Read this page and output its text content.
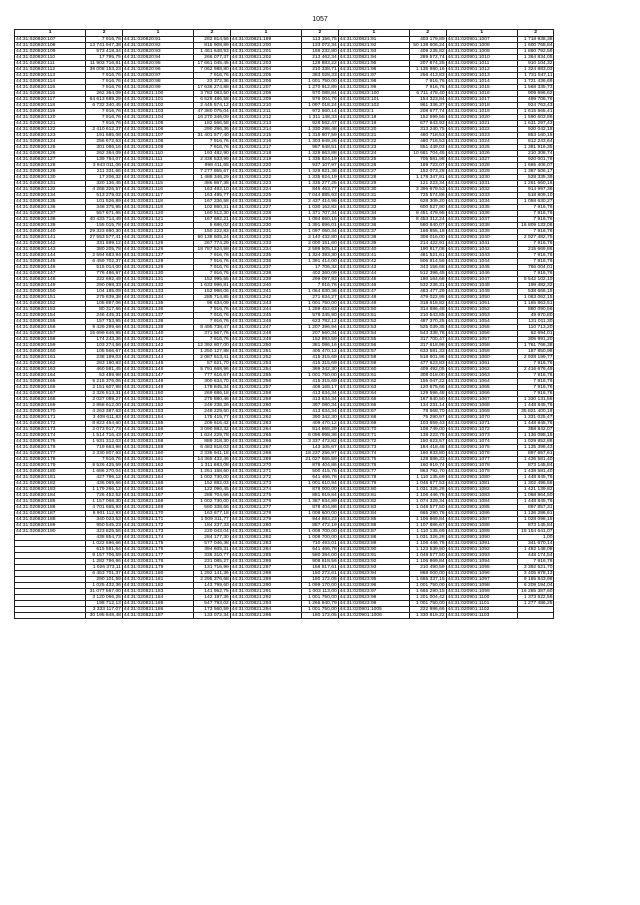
1057
1	2	1	2	1	2	1	2	1	2
44:31:020820:107	7 916,76	44:31:020820:91	282 814,56	44:31:020821:199	113 156,75	44:31:020821:91	403 179,89	44:31:020901:1007	1 718 938,38
44:31:020820:108	13 741 947,38	44:31:020820:92	815 908,89	44:31:020821:200	133 072,34	44:31:020821:92	50 138 606,24	44:31:020901:1008	1 600 768,84
44:31:020820:109	573 418,34	44:31:020820:93	1 461 648,93	44:31:020821:201	169 232,80	44:31:020821:93	409 235,82	44:31:020901:1009	1 860 792,59
44:31:020820:110	17 795,75	44:31:020820:94	266 077,37	44:31:020821:202	213 462,34	44:31:020821:94	289 572,74	44:31:020901:1010	1 364 834,05
44:31:020820:111	11 903 716,81	44:31:020820:95	17 661 045,45	44:31:020821:203	128 883,22	44:31:020821:95	207 874,25	44:31:020901:1011	910 104,32
44:31:020820:112	38 008 153,23	44:31:020820:96	7 062 988,80	44:31:020821:204	210 338,71	44:31:020821:96	1 135 980,16	44:31:020901:1012	1 324 883,03
44:31:020820:113	7 916,76	44:31:020820:97	7 916,76	44:31:020821:205	383 028,33	44:31:020821:97	256 413,83	44:31:020901:1013	1 731 547,11
44:31:020820:114	7 916,76	44:31:020820:98	23 372,36	44:31:020821:206	1 001 750,00	44:31:020821:98	7 916,76	44:31:020901:1014	1 721 436,69
44:31:020820:115	7 916,76	44:31:020820:99	17 636 274,88	44:31:020821:207	1 270 912,89	44:31:020821:99	7 916,76	44:31:020901:1015	1 568 335,73
44:31:020820:116	262 364,09	44:31:020821:100	3 783 083,50	44:31:020821:208	970 088,84	44:31:020823:100	6 711 478,40	44:31:020901:1016	909 696,62
44:31:020820:117	64 613 689,29	44:31:020821:101	6 529 486,58	44:31:020821:209	976 004,76	44:31:020823:101	154 323,84	44:31:020901:1017	499 706,76
44:31:020820:118	6 732 340,45	44:31:020821:102	2 445 574,12	44:31:020821:210	1 097 018,24	44:31:020823:102	961 336,37	44:31:020901:1018	924 763,43
44:31:020820:119	7 916,76	44:31:020821:103	47 380 075,04	44:31:020821:211	972 560,14	44:31:020823:1	208 677,74	44:31:020901:1019	1 615 565,41
44:31:020820:120	7 916,76	44:31:020821:104	16 270 346,09	44:31:020821:212	1 311 148,33	44:31:020823:18	152 599,55	44:31:020901:1020	1 590 603,86
44:31:020820:121	7 916,76	44:31:020821:105	182 566,58	44:31:020821:213	928 562,47	44:31:020823:19	677 843,93	44:31:020901:1021	1 631 297,43
44:31:020820:122	2 410 612,37	44:31:020821:106	290 296,36	44:31:020821:214	1 330 298,48	44:31:020823:20	313 240,75	44:31:020901:1022	920 042,18
44:31:020820:123	191 685,08	44:31:020821:107	31 401 577,40	44:31:020821:215	1 316 807,59	44:31:020823:21	480 718,53	44:31:020901:1023	853 160,15
44:31:020820:124	256 672,53	44:31:020821:108	7 916,76	44:31:020821:216	1 303 849,26	44:31:020823:22	480 716,53	44:31:020901:1024	812 243,64
44:31:020820:125	301 086,16	44:31:020821:109	7 916,76	44:31:020821:217	987 948,51	44:31:020823:23	551 449,03	44:31:020901:1025	1 381 916,35
44:31:020820:126	262 364,09	44:31:020821:110	193 482,90	44:31:020821:218	1 329 863,88	44:31:020823:24	10 681 704,45	44:31:020901:1026	210 308,74
44:31:020820:127	139 784,07	44:31:020821:111	2 336 533,99	44:31:020821:219	1 335 824,19	44:31:020823:25	705 581,98	44:31:020901:1027	920 001,76
44:31:020820:128	3 943 011,06	44:31:020821:112	898 411,65	44:31:020821:220	937 107,97	44:31:020823:26	189 723,07	44:31:020901:1028	1 665 406,07
44:31:020820:129	211 331,66	44:31:020821:113	7 277 955,67	44:31:020821:221	1 329 821,36	44:31:020823:27	152 073,28	44:31:020901:1029	1 387 506,17
44:31:020820:130	17 206,32	44:31:020821:114	1 488 346,29	44:31:020821:222	1 335 824,19	44:31:020823:28	1 178 347,91	44:31:020901:1030	528 335,39
44:31:020820:131	320 136,45	44:31:020821:115	386 867,38	44:31:020821:223	1 335 277,25	44:31:020823:29	121 223,34	44:31:020901:1031	1 261 660,16
44:31:020820:132	4 268 326,57	44:31:020821:116	163 492,10	44:31:020821:224	846 463,77	44:31:020823:30	3 396 679,53	44:31:020901:1032	914 997,36
44:31:020820:134	513 279,02	44:31:020821:117	163 495,77	44:31:020821:225	7 044 885,93	44:31:020823:31	725 574,86	44:31:020901:1033	518 809,10
44:31:020820:135	101 526,89	44:31:020821:118	167 336,58	44:31:020821:226	2 437 414,96	44:31:020823:32	628 309,20	44:31:020901:1034	1 058 630,27
44:31:020820:136	348 375,95	44:31:020821:119	102 860,31	44:31:020821:227	1 030 162,82	44:31:020823:33	600 527,90	44:31:020901:1035	7 916,76
44:31:020820:137	557 671,65	44:31:020821:120	160 512,30	44:31:020821:228	1 371 707,34	44:31:020823:34	8 451 478,95	44:31:020901:1036	7 916,76
44:31:020820:138	40 433 714,49	44:31:020821:121	167 682,21	44:31:020821:229	1 094 660,15	44:31:020823:35	8 453 312,24	44:31:020901:1037	7 916,76
44:31:020820:139	155 015,78	44:31:020821:122	5 686,02	44:31:020821:230	1 391 896,01	44:31:020823:36	580 840,07	44:31:020901:1038	16 809 133,06
44:31:020820:140	29 323 890,30	44:31:020821:123	150 222,83	44:31:020821:231	1 097 050,34	44:31:020823:37	166 855,18	44:31:020901:1039	7 916,76
44:31:020820:141	27 553 577,41	44:31:020821:124	50 138 605,24	44:31:020821:232	2 140 432,80	44:31:020823:38	308 016,00	44:31:020901:1040	2 927 482,75
44:31:020820:142	331 699,12	44:31:020821:125	267 774,29	44:31:020821:233	2 000 151,60	44:31:020823:39	214 422,91	44:31:020901:1041	7 916,76
44:31:020820:143	380 205,78	44:31:020821:126	18 787 524,58	44:31:020821:234	2 589 505,12	44:31:020823:40	190 817,08	44:31:020901:1042	215 669,86
44:31:020820:144	2 594 683,94	44:31:020821:127	7 916,76	44:31:020821:235	1 324 393,30	44:31:020823:41	481 521,61	44:31:020901:1043	7 916,76
44:31:020820:145	6 459 702,37	44:31:020821:128	7 916,76	44:31:020821:236	1 391 414,00	44:31:020823:42	506 814,56	44:31:020901:1044	7 916,76
44:31:020820:146	515 014,00	44:31:020821:129	7 916,76	44:31:020821:237	17 706,32	44:31:020823:43	343 156,68	44:31:020901:1045	766 004,01
44:31:020820:147	776 486,97	44:31:020821:130	7 916,76	44:31:020821:238	402 360,09	44:31:020823:44	512 396,45	44:31:020901:1046	7 916,76
44:31:020820:148	222 692,49	44:31:020821:131	152 995,55	44:31:020821:239	299 097,93	44:31:020823:45	180 164,68	44:31:020901:1047	5 542 102,10
44:31:020820:149	290 098,33	44:31:020821:132	1 633 996,81	44:31:020821:240	7 916,76	44:31:020823:46	532 236,31	44:31:020901:1048	199 482,32
44:31:020820:150	104 185,09	44:31:020821:133	152 998,06	44:31:020821:241	1 064 830,36	44:31:020823:47	483 477,29	44:31:020901:1049	538 666,15
44:31:020820:151	275 839,38	44:31:020821:134	285 714,85	44:31:020821:242	271 634,27	44:31:020823:48	479 022,95	44:31:020901:1050	1 063 062,15
44:31:020820:152	105 897,06	44:31:020821:135	98 634,09	44:31:020821:243	1 001 750,00	44:31:020823:49	318 618,82	44:31:020901:1051	1 165 863,51
44:31:020820:153	80 317,66	44:31:020821:136	7 916,76	44:31:020821:244	1 259 452,63	44:31:020823:50	314 686,48	44:31:020901:1052	880 090,56
44:31:020820:154	246 445,31	44:31:020821:137	7 916,76	44:31:020821:245	578 345,90	44:31:020823:51	210 543,85	44:31:020901:1053	49 970,80
44:31:020820:155	157 753,95	44:31:020821:138	7 916,76	44:31:020821:246	623 782,12	44:31:020823:52	487 370,25	44:31:020901:1054	131 011,30
44:31:020820:156	9 429 299,66	44:31:020821:139	8 495 738,47	44:31:020821:247	1 207 396,94	44:31:020823:53	525 039,35	44:31:020901:1055	110 713,20
44:31:020820:157	15 699 646,95	44:31:020821:140	371 567,76	44:31:020821:248	207 560,34	44:31:020823:54	543 338,78	44:31:020901:1056	62 694,01
44:31:020820:158	174 243,36	44:31:020821:141	7 916,76	44:31:020821:249	152 893,59	44:31:020823:55	317 700,47	44:31:020901:1057	305 991,20
44:31:020820:159	103 274,56	44:31:020821:142	12 392 807,00	44:31:020821:250	381 086,16	44:31:020823:56	317 618,98	44:31:020901:1058	1 761 766,38
44:31:020820:160	105 566,67	44:31:020821:143	1 250 127,88	44:31:020821:251	405 470,12	44:31:020823:57	633 581,33	44:31:020901:1059	187 850,98
44:31:020820:161	238 199,03	44:31:020821:144	2 087 613,41	44:31:020821:252	415 315,69	44:31:020823:58	518 601,96	44:31:020901:1060	2 928 199,77
44:31:020820:162	283 190,83	44:31:020821:145	57 621,70	44:31:020821:253	415 315,69	44:31:020823:59	477 623,83	44:31:020901:1061	7 916,76
44:31:020820:163	460 581,45	44:31:020821:146	5 791 668,96	44:31:020821:254	369 342,30	44:31:020823:60	409 492,05	44:31:020901:1062	2 416 676,49
44:31:020820:164	53 489,98	44:31:020821:147	777 616,67	44:31:020821:255	1 001 750,00	44:31:020823:61	308 018,00	44:31:020901:1063	7 916,76
44:31:020820:165	5 215 376,06	44:31:020821:148	300 634,70	44:31:020821:256	415 315,69	44:31:020823:62	155 047,22	44:31:020901:1064	7 916,76
44:31:020820:166	2 151 607,98	44:31:020821:149	178 845,34	44:31:020821:257	408 168,17	44:31:020823:63	120 675,66	44:31:020901:1065	7 916,76
44:31:020820:167	2 326 513,31	44:31:020821:150	269 686,18	44:31:020821:258	413 634,34	44:31:020823:64	129 596,48	44:31:020901:1066	7 916,76
44:31:020820:168	2 027 089,27	44:31:020821:151	275 880,46	44:31:020821:259	413 634,34	44:31:020823:65	167 840,50	44:31:020901:1067	1 330 131,56
44:31:020820:169	2 858 612,00	44:31:020821:152	249 238,26	44:31:020821:260	397 080,34	44:31:020823:66	134 231,14	44:31:020901:1068	1 448 845,76
44:31:020820:170	4 263 387,63	44:31:020821:153	248 229,60	44:31:020821:261	413 634,34	44:31:020823:67	78 668,70	44:31:020901:1069	35 821 400,18
44:31:020820:171	3 408 611,83	44:31:020821:154	175 415,77	44:31:020821:262	390 342,30	44:31:020823:68	75 290,97	44:31:020901:1070	1 331 025,47
44:31:020820:172	8 823 464,60	44:31:020821:155	209 616,42	44:31:020821:263	409 470,12	44:31:020823:69	103 659,43	44:31:020901:1071	1 448 845,76
44:31:020820:173	2 073 917,73	44:31:020821:156	3 090 882,32	44:31:020821:264	814 868,29	44:31:020823:70	108 749,00	44:31:020901:1072	358 842,07
44:31:020820:174	1 514 716,43	44:31:020821:157	1 624 229,78	44:31:020821:265	6 096 998,36	44:31:020823:71	138 223,79	44:31:020901:1073	1 136 098,15
44:31:020820:175	1 931 312,03	44:31:020821:158	889 318,30	44:31:020821:266	3 337 472,82	44:31:020823:72	150 623,57	44:31:020901:1074	1 029 852,86
44:31:020820:176	719 663,98	44:31:020821:159	6 483 818,03	44:31:020821:267	143 105,67	44:31:020823:73	184 418,48	44:31:020901:1075	1 135 398,43
44:31:020820:177	2 330 807,63	44:31:020821:160	2 335 941,18	44:31:020821:268	18 237 256,97	44:31:020823:74	160 833,80	44:31:020901:1076	897 657,61
44:31:020820:178	7 916,76	44:31:020821:161	14 365 432,46	44:31:020821:269	21 027 666,59	44:31:020823:75	128 686,33	44:31:020901:1077	1 436 581,40
44:31:020820:179	8 526 425,59	44:31:020821:162	1 311 683,08	44:31:020821:270	878 404,86	44:31:020823:76	160 919,74	44:31:020901:1078	873 145,84
44:31:020820:180	1 686 270,04	44:31:020821:163	1 251 158,60	44:31:020821:271	500 415,76	44:31:020823:77	863 792,70	44:31:020901:1079	1 438 581,40
44:31:020820:181	427 796,12	44:31:020821:164	1 002 730,00	44:31:020821:272	641 466,78	44:31:020823:78	1 110 135,69	44:31:020901:1080	1 448 845,76
44:31:020820:182	436 069,66	44:31:020821:165	152 882,03	44:31:020821:273	1 001 610,94	44:31:020823:79	1 046 677,53	44:31:020901:1081	1 302 496,56
44:31:020820:183	1 179 266,12	44:31:020821:166	122 096,45	44:31:020821:274	878 000,00	44:31:020823:80	1 031 326,28	44:31:020901:1082	1 421 139,82
44:31:020820:184	726 452,52	44:31:020821:167	288 704,66	44:31:020821:275	881 919,84	44:31:020823:81	1 106 446,76	44:31:020901:1083	1 068 864,50
44:31:020820:185	1 157 068,30	44:31:020821:168	1 002 730,00	44:31:020821:276	1 387 834,89	44:31:020823:82	1 074 329,34	44:31:020901:1084	1 448 845,76
44:31:020820:186	4 701 665,93	44:31:020821:169	580 338,66	44:31:020821:277	878 404,86	44:31:020823:83	1 048 577,50	44:31:020901:1085	897 857,31
44:31:020820:187	6 901 112,93	44:31:020821:170	163 677,18	44:31:020821:278	1 008 600,00	44:31:020823:84	665 290,76	44:31:020901:1086	1 136 286,61
44:31:020820:188	340 023,53	44:31:020821:171	1 009 311,77	44:31:020821:279	944 883,23	44:31:020823:85	1 106 869,84	44:31:020901:1087	1 028 098,15
44:31:020820:189	950 545,23	44:31:020821:172	184 237,33	44:31:020821:280	887 472,19	44:31:020823:86	1 107 886,67	44:31:020901:1088	873 145,84
44:31:020820:190	323 825,56	44:31:020821:173	220 043,04	44:31:020821:281	1 008 700,00	44:31:020823:87	1 110 135,69	44:31:020901:1089	15 154 641,07
	438 854,73	44:31:020821:174	284 177,30	44:31:020821:282	1 008 700,00	44:31:020823:88	1 031 326,28	44:31:020901:1090	1,00
	1 022 696,66	44:31:020821:175	577 046,38	44:31:020821:283	710 493,01	44:31:020823:89	1 106 446,76	44:31:020901:1091	341 670,14
	615 581,64	44:31:020821:176	394 605,31	44:31:020821:284	641 466,78	44:31:020823:90	1 123 539,90	44:31:020901:1092	1 492 148,08
	9 157 706,59	44:31:020821:177	338 310,77	44:31:020821:285	580 384,00	44:31:020823:91	1 048 577,50	44:31:020901:1093	448 174,54
	1 282 796,66	44:31:020821:178	231 085,27	44:31:020821:286	908 618,56	44:31:020823:92	1 106 869,84	44:31:020901:1094	7 916,76
	1 026 373,11	44:31:020821:179	131 716,99	44:31:020821:287	158 517,61	44:31:020823:93	210 490,59	44:31:020901:1095	3 392 521,70
	6 453 701,37	44:31:020821:180	1 292 141,36	44:31:020821:288	150 272,61	44:31:020823:94	868 000,00	44:31:020901:1096	3 405 878,13
	290 101,59	44:31:020821:181	2 295 376,68	44:31:020821:289	180 172,05	44:31:020823:95	1 665 337,15	44:31:020901:1097	9 165 843,98
	1 025 432,36	44:31:020821:182	143 799,60	44:31:020821:290	1 099 170,00	44:31:020823:96	1 001 750,00	44:31:020901:1098	6 209 194,04
	31 077 567,00	44:31:020821:183	141 952,75	44:31:020821:291	1 003 113,00	44:31:020823:97	1 665 290,15	44:31:020901:1099	16 285 387,60
	3 120 066,25	44:31:020821:184	142 197,36	44:31:020821:292	1 001 750,00	44:31:020823:98	1 201 004,42	44:31:020901:1100	1 373 522,56
	198 712,13	44:31:020821:185	547 793,02	44:31:020821:293	1 266 940,79	44:31:020823:99	1 001 750,00	44:31:020901:1101	1 277 486,25
	3 333 117,07	44:31:020821:186	173 560,59	44:31:020821:294	1 001 750,00	44:31:020901:1005	222 986,66	44:31:020901:1102	
	30 195 848,48	44:31:020821:187	133 072,34	44:31:020821:295	180 172,05	44:31:020901:1006	1 330 819,22	44:31:020901:1103	
